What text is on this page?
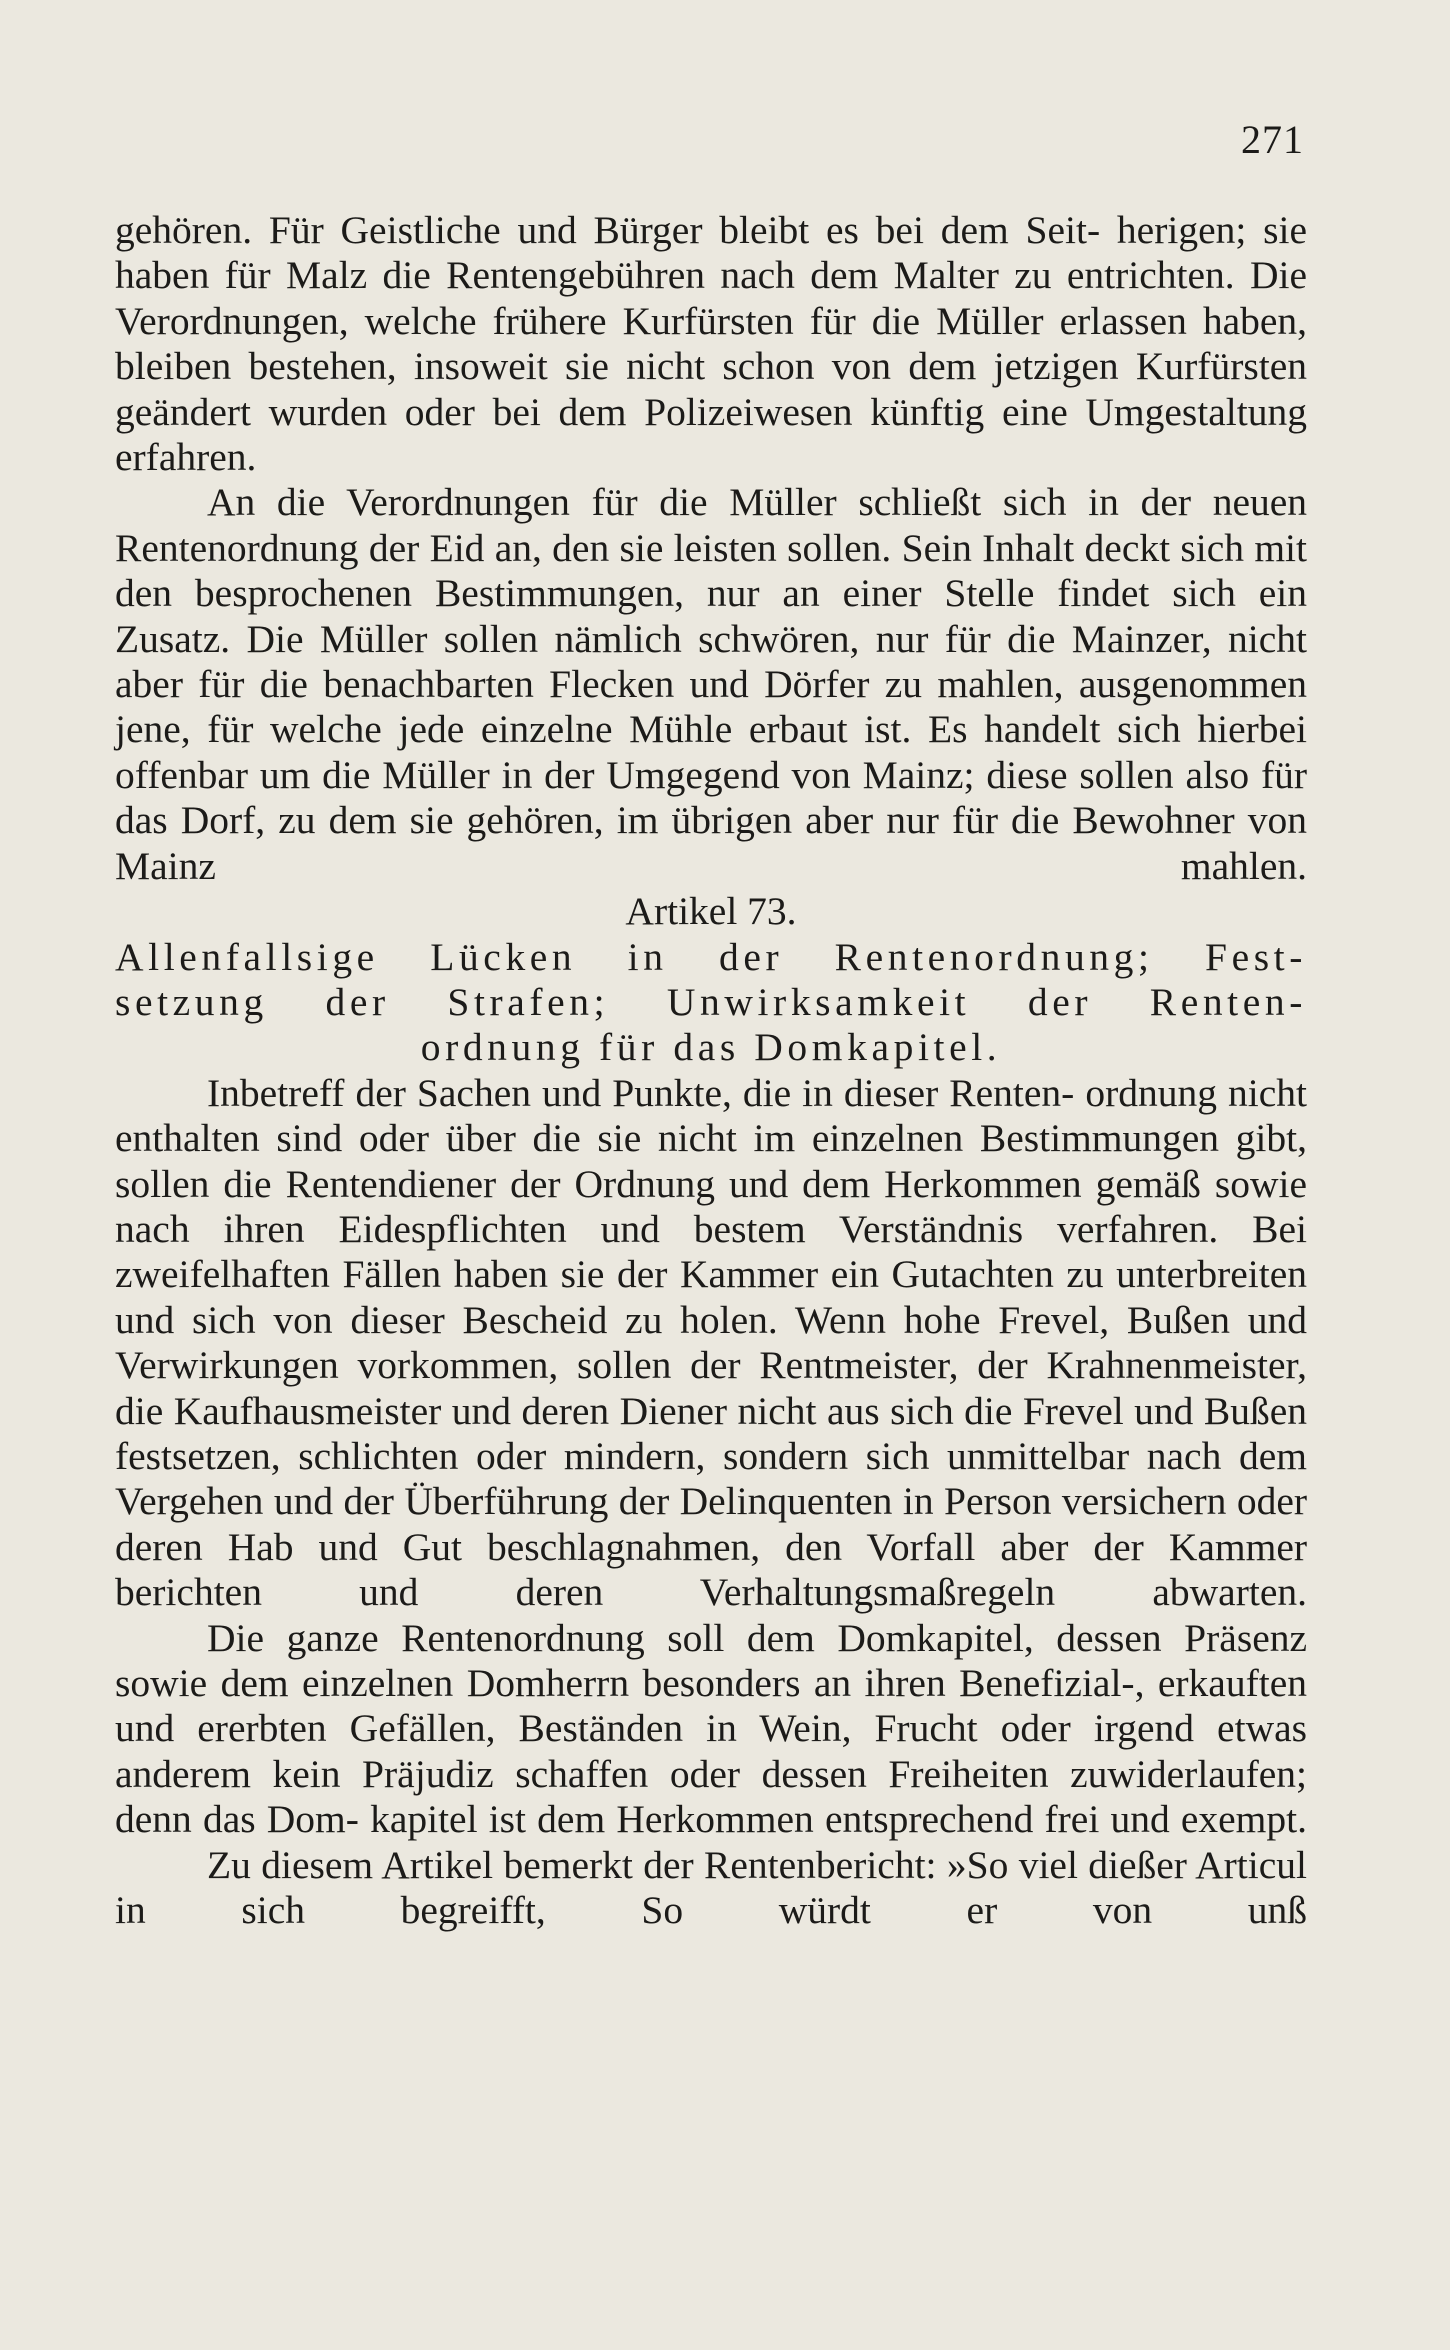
271

gehören. Für Geistliche und Bürger bleibt es bei dem Seit- herigen; sie haben für Malz die Rentengebühren nach dem Malter zu entrichten. Die Verordnungen, welche frühere Kurfürsten für die Müller erlassen haben, bleiben bestehen, insoweit sie nicht schon von dem jetzigen Kurfürsten geändert wurden oder bei dem Polizeiwesen künftig eine Umgestaltung erfahren.

An die Verordnungen für die Müller schließt sich in der neuen Rentenordnung der Eid an, den sie leisten sollen. Sein Inhalt deckt sich mit den besprochenen Bestimmungen, nur an einer Stelle findet sich ein Zusatz. Die Müller sollen nämlich schwören, nur für die Mainzer, nicht aber für die benachbarten Flecken und Dörfer zu mahlen, ausgenommen jene, für welche jede einzelne Mühle erbaut ist. Es handelt sich hierbei offenbar um die Müller in der Umgegend von Mainz; diese sollen also für das Dorf, zu dem sie gehören, im übrigen aber nur für die Bewohner von Mainz mahlen.

Artikel 73.

Allenfallsige Lücken in der Rentenordnung; Fest-

setzung der Strafen; Unwirksamkeit der Renten-

ordnung für das Domkapitel.

Inbetreff der Sachen und Punkte, die in dieser Renten- ordnung nicht enthalten sind oder über die sie nicht im einzelnen Bestimmungen gibt, sollen die Rentendiener der Ordnung und dem Herkommen gemäß sowie nach ihren Eidespflichten und bestem Verständnis verfahren. Bei zweifelhaften Fällen haben sie der Kammer ein Gutachten zu unterbreiten und sich von dieser Bescheid zu holen. Wenn hohe Frevel, Bußen und Verwirkungen vorkommen, sollen der Rentmeister, der Krahnenmeister, die Kaufhausmeister und deren Diener nicht aus sich die Frevel und Bußen festsetzen, schlichten oder mindern, sondern sich unmittelbar nach dem Vergehen und der Überführung der Delinquenten in Person versichern oder deren Hab und Gut beschlagnahmen, den Vorfall aber der Kammer berichten und deren Verhaltungsmaßregeln abwarten.

Die ganze Rentenordnung soll dem Domkapitel, dessen Präsenz sowie dem einzelnen Domherrn besonders an ihren Benefizial-, erkauften und ererbten Gefällen, Beständen in Wein, Frucht oder irgend etwas anderem kein Präjudiz schaffen oder dessen Freiheiten zuwiderlaufen; denn das Dom- kapitel ist dem Herkommen entsprechend frei und exempt.

Zu diesem Artikel bemerkt der Rentenbericht: »So viel dießer Articul in sich begreifft, So würdt er von unß
